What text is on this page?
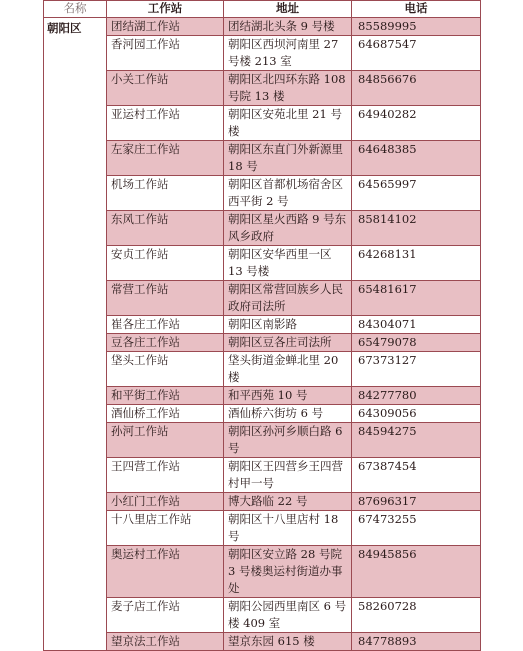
名称	工作站	地址	电话
朝阳区	团结湖工作站	团结湖北头条 9 号楼	85589995
	香河园工作站	朝阳区西坝河南里 27 号楼 213 室	64687547
	小关工作站	朝阳区北四环东路 108 号院 13 楼	84856676
	亚运村工作站	朝阳区安苑北里 21 号楼	64940282
	左家庄工作站	朝阳区东直门外新源里 18 号	64648385
	机场工作站	朝阳区首都机场宿舍区西平街 2 号	64565997
	东风工作站	朝阳区星火西路 9 号东风乡政府	85814102
	安贞工作站	朝阳区安华西里一区 13 号楼	64268131
	常营工作站	朝阳区常营回族乡人民政府司法所	65481617
	崔各庄工作站	朝阳区南影路	84304071
	豆各庄工作站	朝阳区豆各庄司法所	65479078
	垡头工作站	垡头街道金蝉北里 20 楼	67373127
	和平街工作站	和平西苑 10 号	84277780
	酒仙桥工作站	酒仙桥六街坊 6 号	64309056
	孙河工作站	朝阳区孙河乡顺白路 6 号	84594275
	王四营工作站	朝阳区王四营乡王四营村甲一号	67387454
	小红门工作站	博大路临 22 号	87696317
	十八里店工作站	朝阳区十八里店村 18 号	67473255
	奥运村工作站	朝阳区安立路 28 号院 3 号楼奥运村街道办事处	84945856
	麦子店工作站	朝阳公园西里南区 6 号楼 409 室	58260728
	望京法工作站	望京东园 615 楼	84778893
